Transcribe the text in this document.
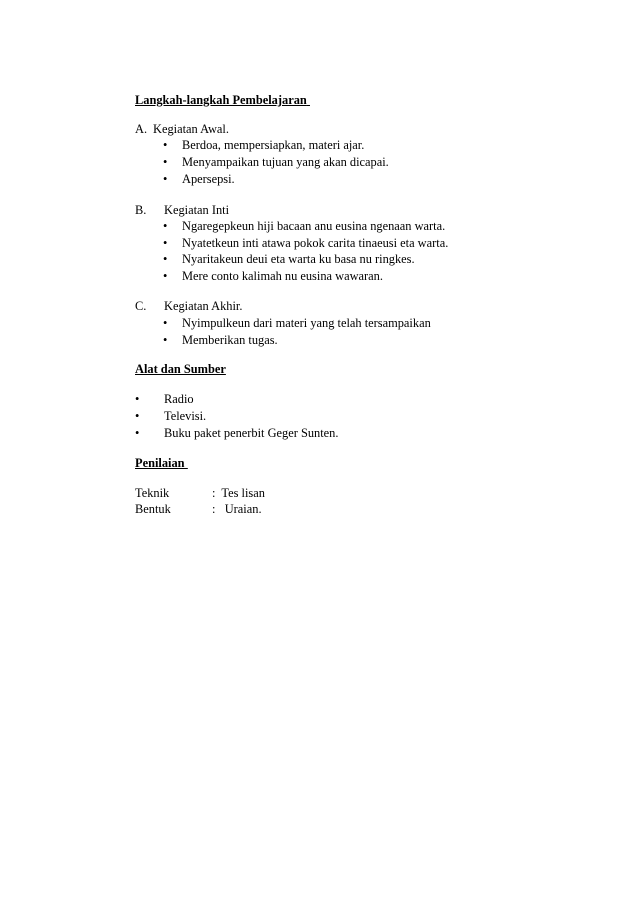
Langkah-langkah Pembelajaran
A. Kegiatan Awal.
• Berdoa, mempersiapkan, materi ajar.
• Menyampaikan tujuan yang akan dicapai.
• Apersepsi.
B. Kegiatan Inti
• Ngaregepkeun hiji bacaan anu eusina ngenaan warta.
• Nyatetkeun inti atawa pokok carita tinaeusi eta warta.
• Nyaritakeun deui eta warta ku basa nu ringkes.
• Mere conto kalimah nu eusina wawaran.
C. Kegiatan Akhir.
• Nyimpulkeun dari materi yang telah tersampaikan
• Memberikan tugas.
Alat dan Sumber
• Radio
• Televisi.
• Buku paket penerbit Geger Sunten.
Penilaian
Teknik	:  Tes lisan
Bentuk	:   Uraian.
